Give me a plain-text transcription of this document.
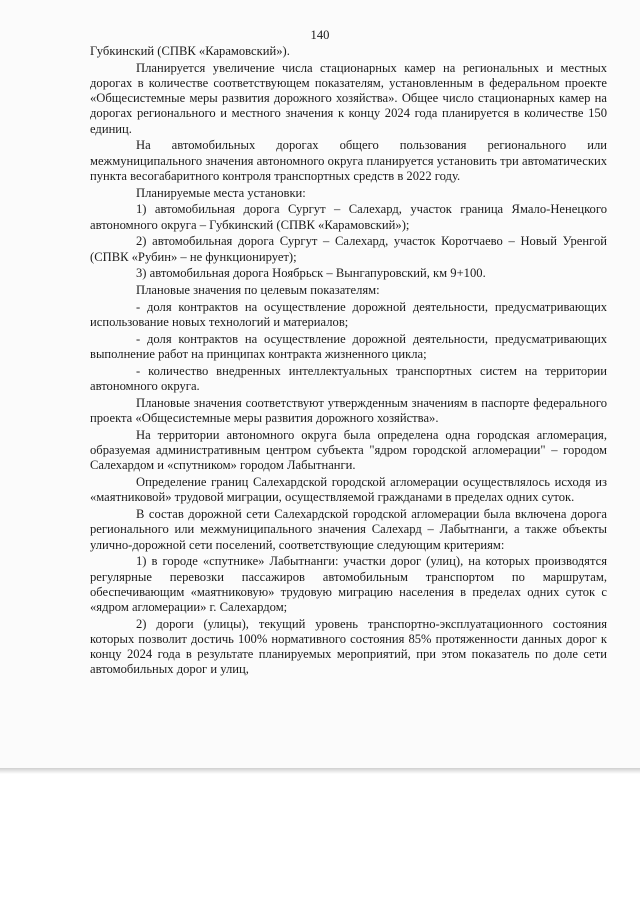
140

Губкинский (СПВК «Карамовский»).

Планируется увеличение числа стационарных камер на региональных и местных дорогах в количестве соответствующем показателям, установленным в федеральном проекте «Общесистемные меры развития дорожного хозяйства». Общее число стационарных камер на дорогах регионального и местного значения к концу 2024 года планируется в количестве 150 единиц.

На автомобильных дорогах общего пользования регионального или межмуниципального значения автономного округа планируется установить три автоматических пункта весогабаритного контроля транспортных средств в 2022 году.

Планируемые места установки:

1) автомобильная дорога Сургут – Салехард, участок граница Ямало-Ненецкого автономного округа – Губкинский (СПВК «Карамовский»);

2) автомобильная дорога Сургут – Салехард, участок Коротчаево – Новый Уренгой (СПВК «Рубин» – не функционирует);

3) автомобильная дорога Ноябрьск – Вынгапуровский, км 9+100.

Плановые значения по целевым показателям:

- доля контрактов на осуществление дорожной деятельности, предусматривающих использование новых технологий и материалов;

- доля контрактов на осуществление дорожной деятельности, предусматривающих выполнение работ на принципах контракта жизненного цикла;

- количество внедренных интеллектуальных транспортных систем на территории автономного округа.

Плановые значения соответствуют утвержденным значениям в паспорте федерального проекта «Общесистемные меры развития дорожного хозяйства».

На территории автономного округа была определена одна городская агломерация, образуемая административным центром субъекта "ядром городской агломерации" – городом Салехардом и «спутником» городом Лабытнанги.

Определение границ Салехардской городской агломерации осуществлялось исходя из «маятниковой» трудовой миграции, осуществляемой гражданами в пределах одних суток.

В состав дорожной сети Салехардской городской агломерации была включена дорога регионального или межмуниципального значения Салехард – Лабытнанги, а также объекты улично-дорожной сети поселений, соответствующие следующим критериям:

1) в городе «спутнике» Лабытнанги: участки дорог (улиц), на которых производятся регулярные перевозки пассажиров автомобильным транспортом по маршрутам, обеспечивающим «маятниковую» трудовую миграцию населения в пределах одних суток с «ядром агломерации» г. Салехардом;

2) дороги (улицы), текущий уровень транспортно-эксплуатационного состояния которых позволит достичь 100% нормативного состояния 85% протяженности данных дорог к концу 2024 года в результате планируемых мероприятий, при этом показатель по доле сети автомобильных дорог и улиц,
